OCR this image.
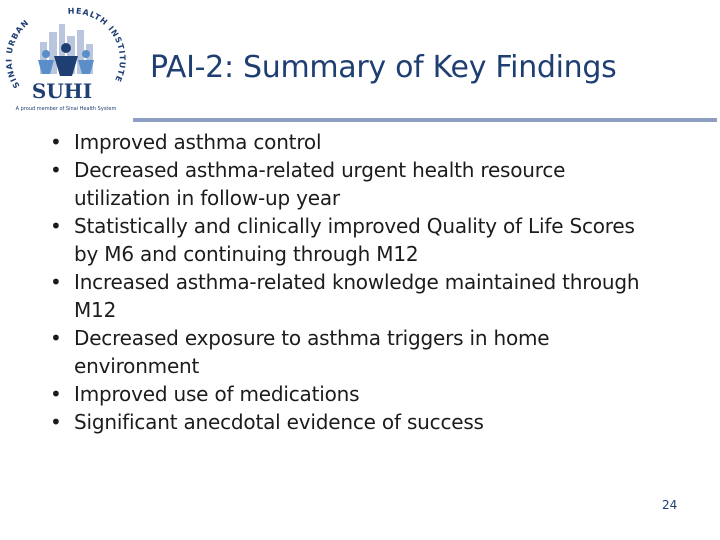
SINAI URBAN
HEALTH INSTITUTE
SUHI
A proud member of Sinai Health System
PAI-2: Summary of Key Findings
• Improved asthma control
• Decreased asthma-related urgent health resource
utilization in follow-up year
• Statistically and clinically improved Quality of Life Scores
by M6 and continuing through M12
• Increased asthma-related knowledge maintained through
M12
• Decreased exposure to asthma triggers in home
environment
• Improved use of medications
• Significant anecdotal evidence of success
24
